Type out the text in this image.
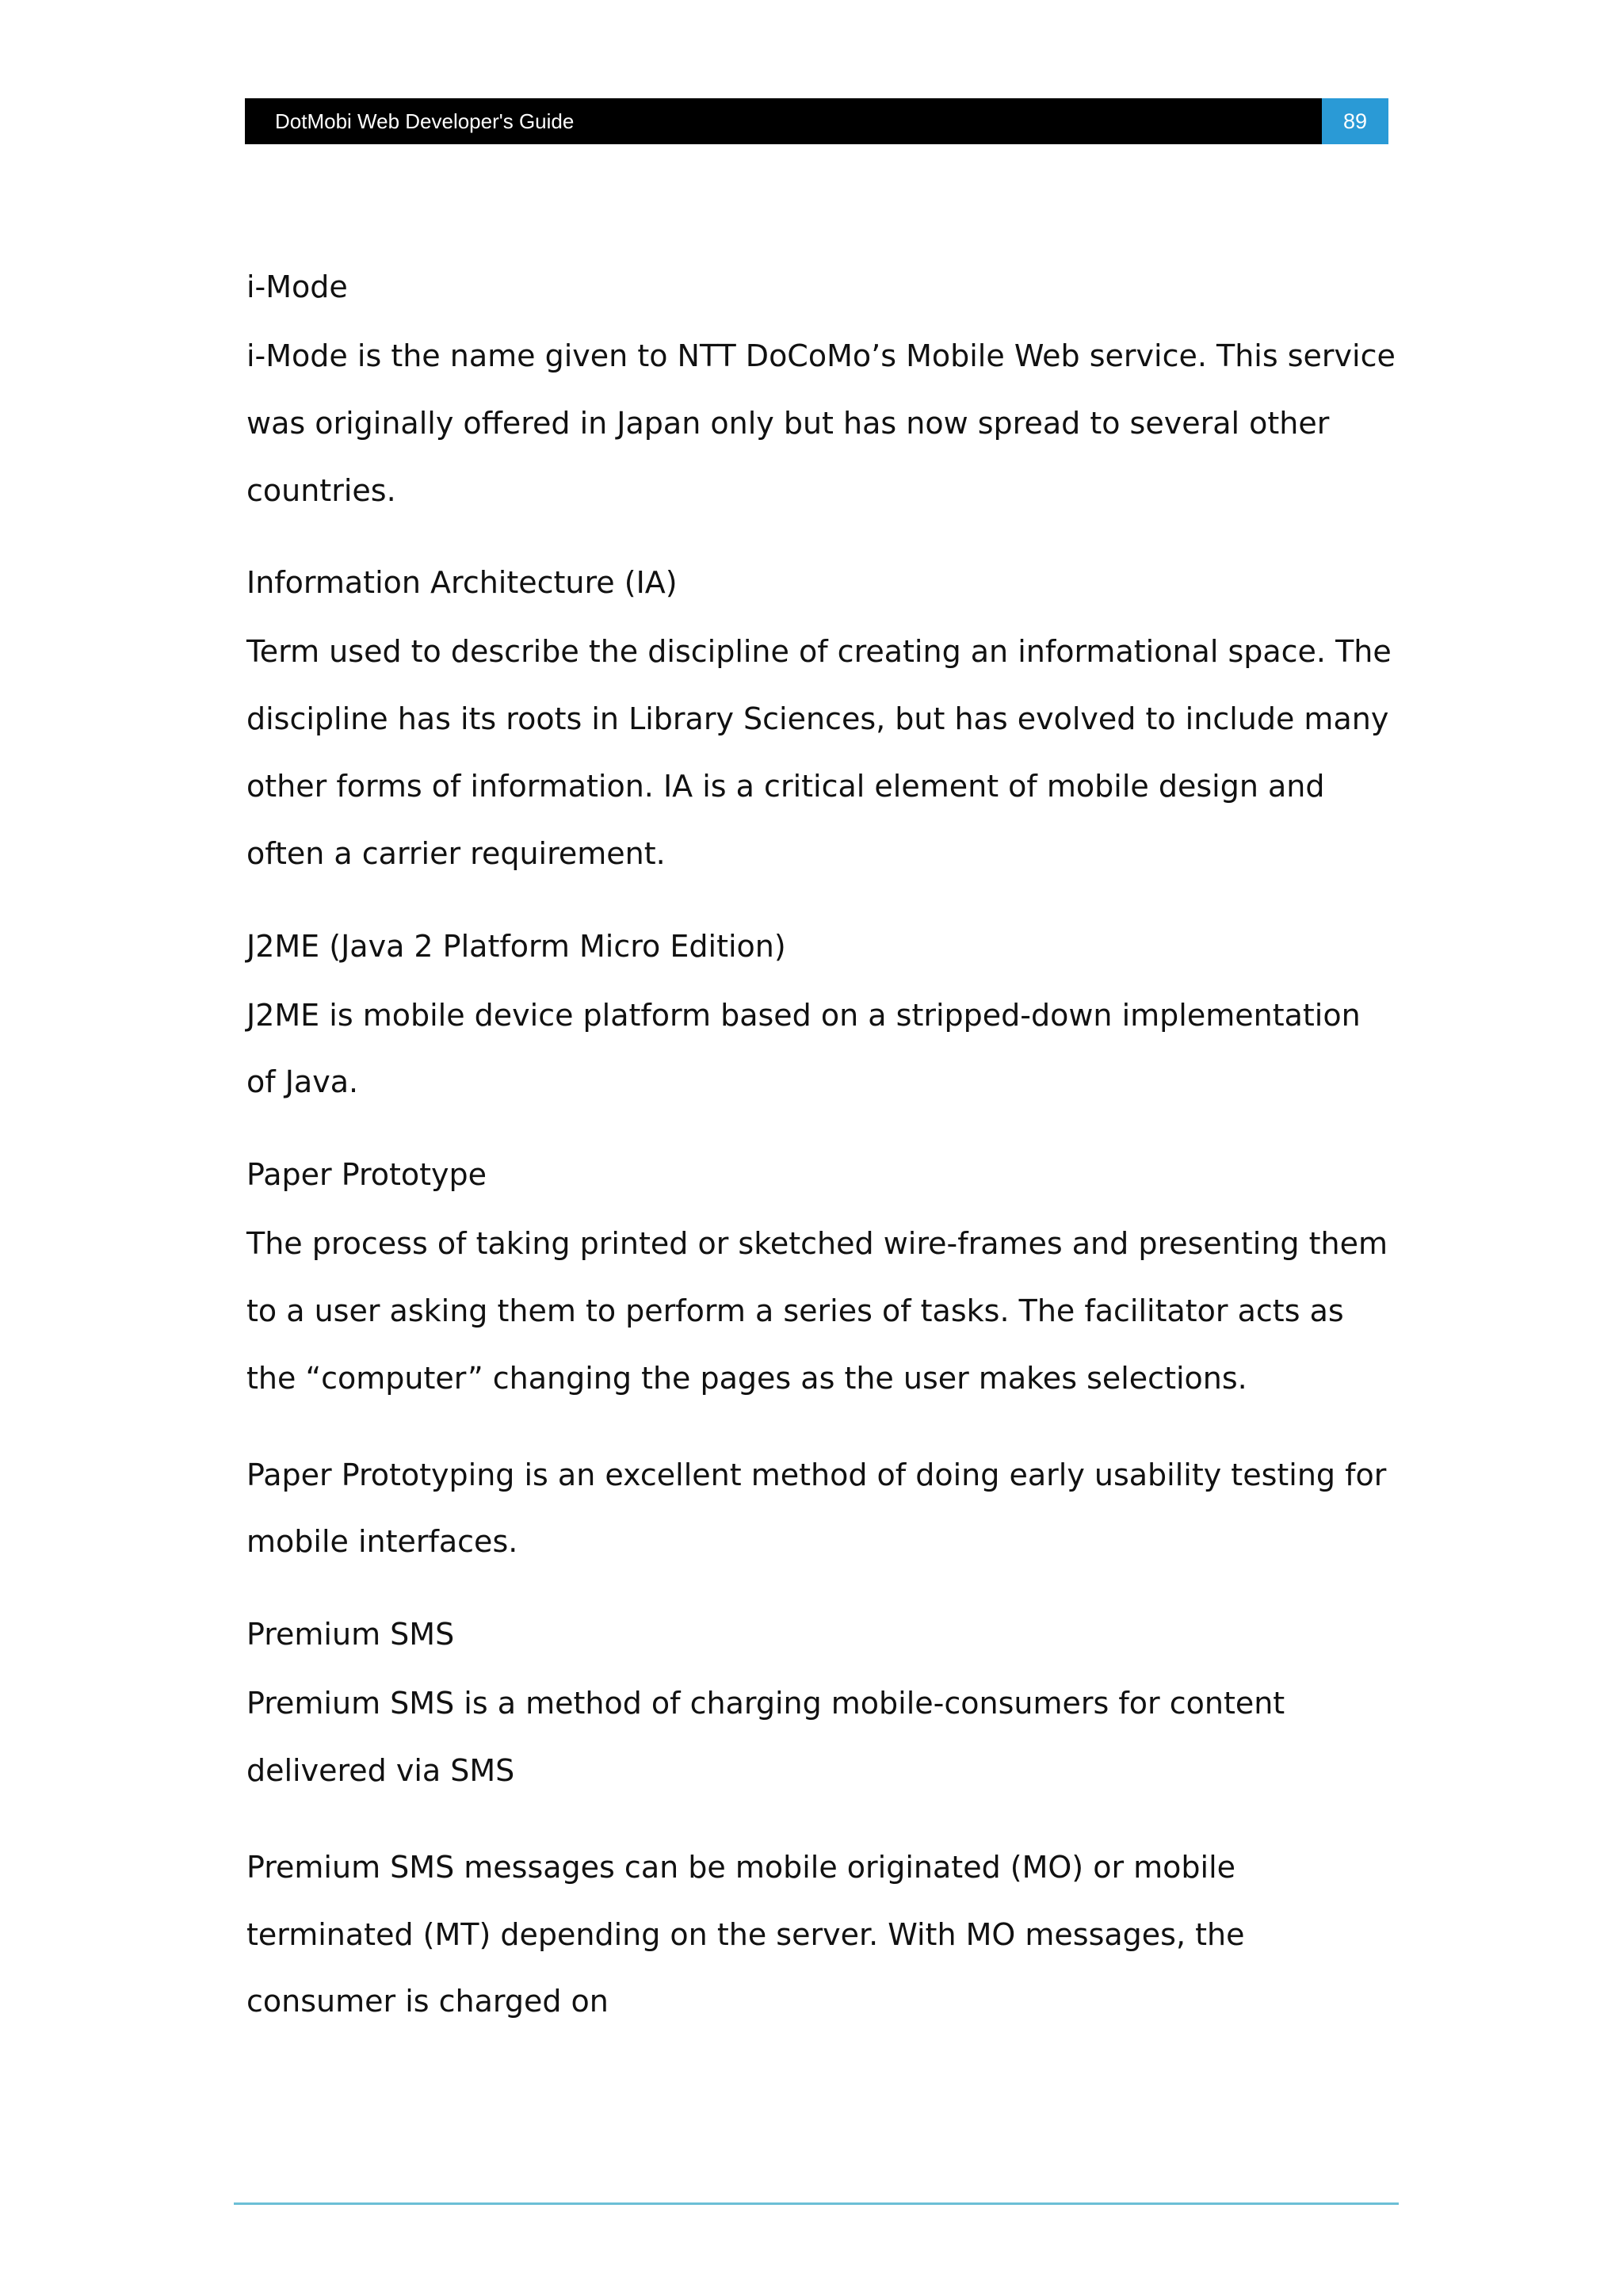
DotMobi Web Developer's Guide	89
i-Mode

i-Mode is the name given to NTT DoCoMo’s Mobile Web service. This service was originally offered in Japan only but has now spread to several other countries.

Information Architecture (IA)

Term used to describe the discipline of creating an informational space. The discipline has its roots in Library Sciences, but has evolved to include many other forms of information. IA is a critical element of mobile design and often a carrier requirement.

J2ME (Java 2 Platform Micro Edition)

J2ME is mobile device platform based on a stripped-down implementation of Java.

Paper Prototype

The process of taking printed or sketched wire-frames and presenting them to a user asking them to perform a series of tasks. The facilitator acts as the “computer” changing the pages as the user makes selections.

Paper Prototyping is an excellent method of doing early usability testing for mobile interfaces.

Premium SMS

Premium SMS is a method of charging mobile-consumers for content delivered via SMS

Premium SMS messages can be mobile originated (MO) or mobile terminated (MT) depending on the server. With MO messages, the consumer is charged on
